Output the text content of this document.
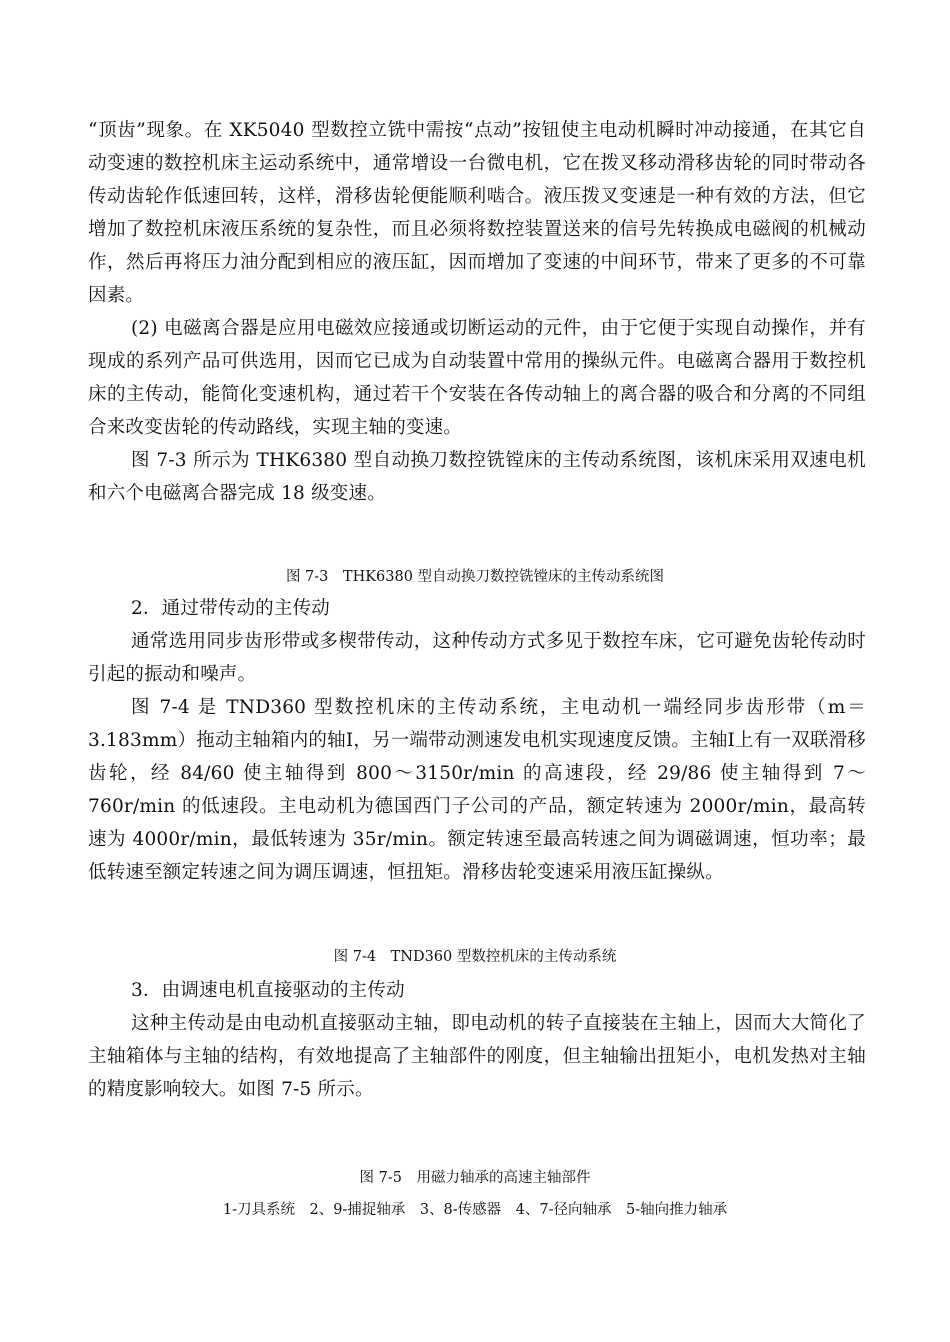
“顶齿”现象。在 XK5040 型数控立铣中需按“点动”按钮使主电动机瞬时冲动接通，在其它自动变速的数控机床主运动系统中，通常增设一台微电机，它在拨叉移动滑移齿轮的同时带动各传动齿轮作低速回转，这样，滑移齿轮便能顺利啮合。液压拨叉变速是一种有效的方法，但它增加了数控机床液压系统的复杂性，而且必须将数控装置送来的信号先转换成电磁阀的机械动作，然后再将压力油分配到相应的液压缸，因而增加了变速的中间环节，带来了更多的不可靠因素。

(2) 电磁离合器是应用电磁效应接通或切断运动的元件，由于它便于实现自动操作，并有现成的系列产品可供选用，因而它已成为自动装置中常用的操纵元件。电磁离合器用于数控机床的主传动，能简化变速机构，通过若干个安装在各传动轴上的离合器的吸合和分离的不同组合来改变齿轮的传动路线，实现主轴的变速。

图 7-3 所示为 THK6380 型自动换刀数控铣镗床的主传动系统图，该机床采用双速电机和六个电磁离合器完成 18 级变速。

图 7-3　THK6380 型自动换刀数控铣镗床的主传动系统图

2．通过带传动的主传动

通常选用同步齿形带或多楔带传动，这种传动方式多见于数控车床，它可避免齿轮传动时引起的振动和噪声。

图 7-4 是 TND360 型数控机床的主传动系统，主电动机一端经同步齿形带（m＝3.183mm）拖动主轴箱内的轴Ⅰ，另一端带动测速发电机实现速度反馈。主轴Ⅰ上有一双联滑移齿轮，经 84/60 使主轴得到 800～3150r/min 的高速段，经 29/86 使主轴得到 7～760r/min 的低速段。主电动机为德国西门子公司的产品，额定转速为 2000r/min，最高转速为 4000r/min，最低转速为 35r/min。额定转速至最高转速之间为调磁调速，恒功率；最低转速至额定转速之间为调压调速，恒扭矩。滑移齿轮变速采用液压缸操纵。

图 7-4　TND360 型数控机床的主传动系统

3．由调速电机直接驱动的主传动

这种主传动是由电动机直接驱动主轴，即电动机的转子直接装在主轴上，因而大大简化了主轴箱体与主轴的结构，有效地提高了主轴部件的刚度，但主轴输出扭矩小，电机发热对主轴的精度影响较大。如图 7-5 所示。

图 7-5　用磁力轴承的高速主轴部件

1-刀具系统　2、9-捕捉轴承　3、8-传感器　4、7-径向轴承　5-轴向推力轴承
